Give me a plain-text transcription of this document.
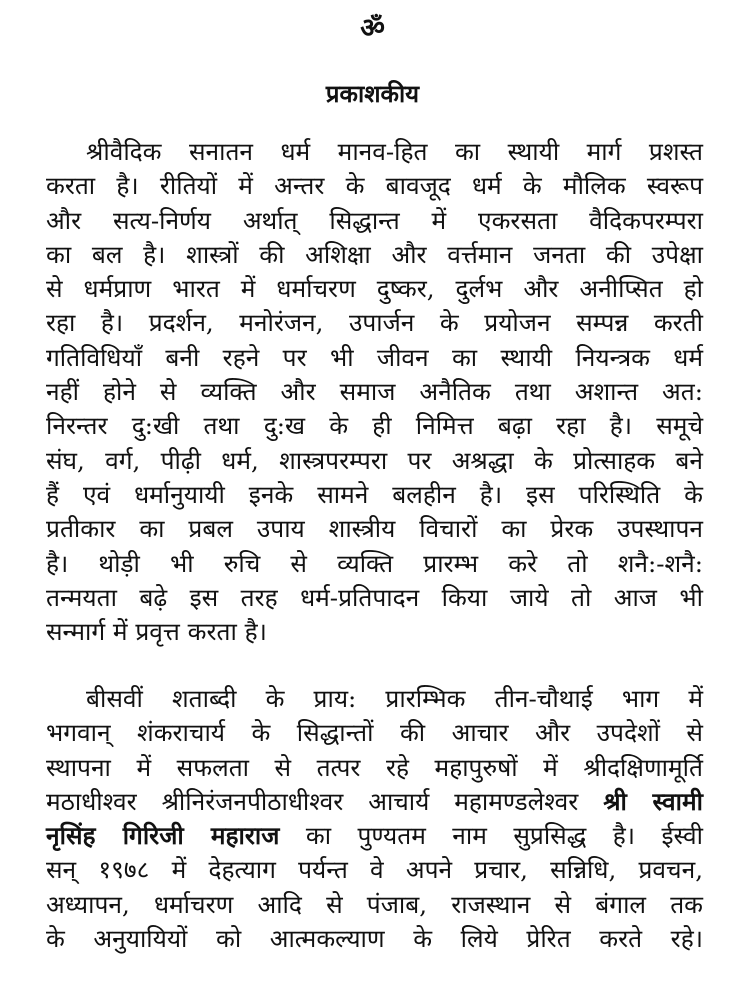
ॐ
प्रकाशकीय
श्रीवैदिक सनातन धर्म मानव-हित का स्थायी मार्ग प्रशस्त
करता है। रीतियों में अन्तर के बावजूद धर्म के मौलिक स्वरूप
और सत्य-निर्णय अर्थात् सिद्धान्त में एकरसता वैदिकपरम्परा
का बल है। शास्त्रों की अशिक्षा और वर्त्तमान जनता की उपेक्षा
से धर्मप्राण भारत में धर्माचरण दुष्कर, दुर्लभ और अनीप्सित हो
रहा है। प्रदर्शन, मनोरंजन, उपार्जन के प्रयोजन सम्पन्न करती
गतिविधियाँ बनी रहने पर भी जीवन का स्थायी नियन्त्रक धर्म
नहीं होने से व्यक्ति और समाज अनैतिक तथा अशान्त अत:
निरन्तर दु:खी तथा दु:ख के ही निमित्त बढ़ा रहा है। समूचे
संघ, वर्ग, पीढ़ी धर्म, शास्त्रपरम्परा पर अश्रद्धा के प्रोत्साहक बने
हैं एवं धर्मानुयायी इनके सामने बलहीन है। इस परिस्थिति के
प्रतीकार का प्रबल उपाय शास्त्रीय विचारों का प्रेरक उपस्थापन
है। थोड़ी भी रुचि से व्यक्ति प्रारम्भ करे तो शनै:-शनै:
तन्मयता बढ़े इस तरह धर्म-प्रतिपादन किया जाये तो आज भी
सन्मार्ग में प्रवृत्त करता है।
बीसवीं शताब्दी के प्राय: प्रारम्भिक तीन-चौथाई भाग में
भगवान् शंकराचार्य के सिद्धान्तों की आचार और उपदेशों से
स्थापना में सफलता से तत्पर रहे महापुरुषों में श्रीदक्षिणामूर्ति
मठाधीश्वर श्रीनिरंजनपीठाधीश्वर आचार्य महामण्डलेश्वर श्री स्वामी
नृसिंह गिरिजी महाराज का पुण्यतम नाम सुप्रसिद्ध है। ईस्वी
सन् १९७८ में देहत्याग पर्यन्त वे अपने प्रचार, सन्निधि, प्रवचन,
अध्यापन, धर्माचरण आदि से पंजाब, राजस्थान से बंगाल तक
के अनुयायियों को आत्मकल्याण के लिये प्रेरित करते रहे।
